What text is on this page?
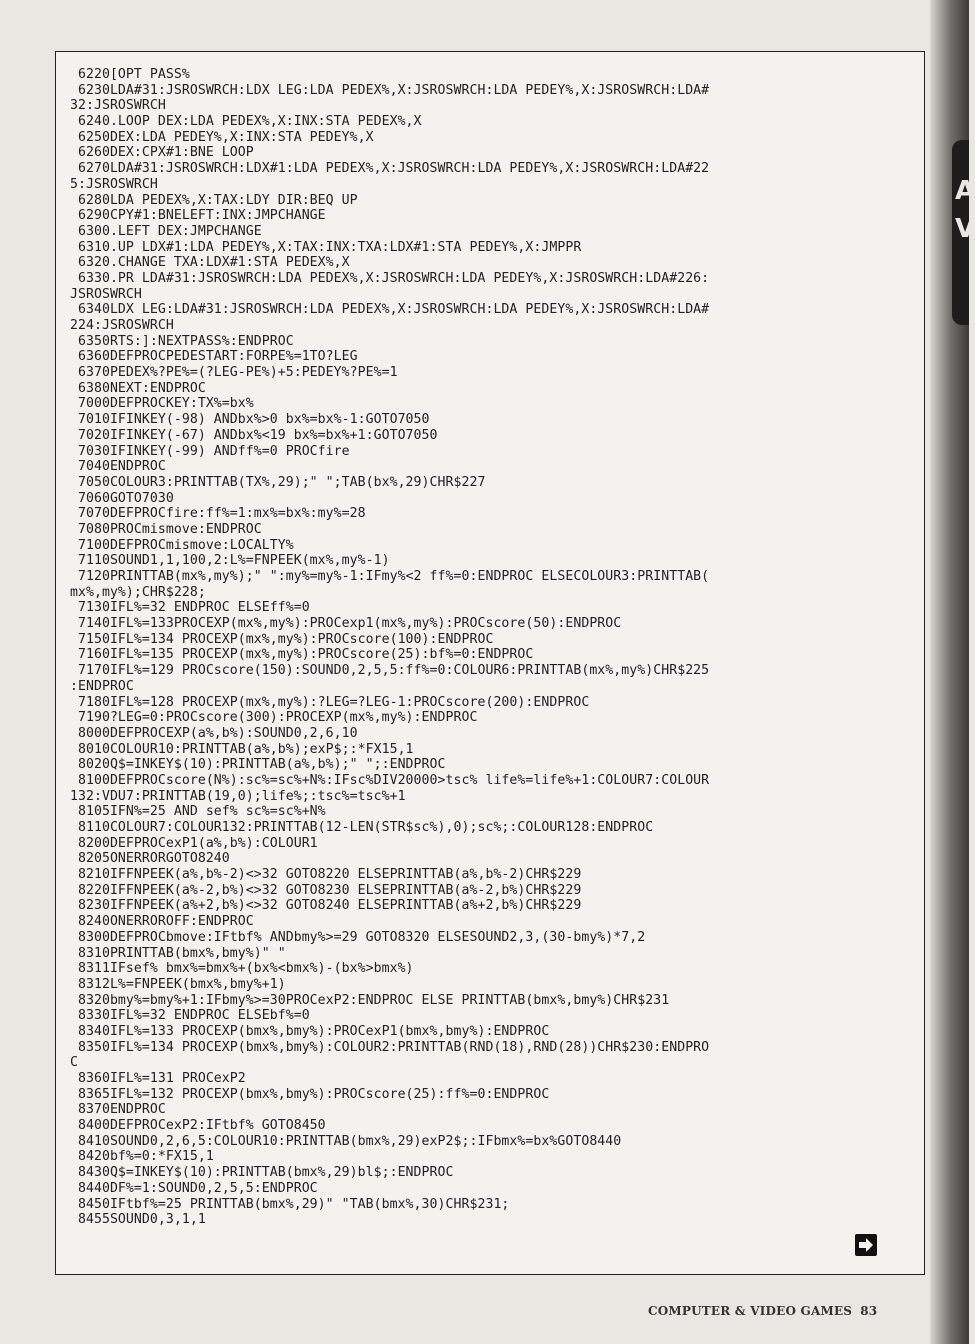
A
V
6220[OPT PASS%
6230LDA#31:JSROSWRCH:LDX LEG:LDA PEDEX%,X:JSROSWRCH:LDA PEDEY%,X:JSROSWRCH:LDA#
32:JSROSWRCH
6240.LOOP DEX:LDA PEDEX%,X:INX:STA PEDEX%,X
6250DEX:LDA PEDEY%,X:INX:STA PEDEY%,X
6260DEX:CPX#1:BNE LOOP
6270LDA#31:JSROSWRCH:LDX#1:LDA PEDEX%,X:JSROSWRCH:LDA PEDEY%,X:JSROSWRCH:LDA#22
5:JSROSWRCH
6280LDA PEDEX%,X:TAX:LDY DIR:BEQ UP
6290CPY#1:BNELEFT:INX:JMPCHANGE
6300.LEFT DEX:JMPCHANGE
6310.UP LDX#1:LDA PEDEY%,X:TAX:INX:TXA:LDX#1:STA PEDEY%,X:JMPPR
6320.CHANGE TXA:LDX#1:STA PEDEX%,X
6330.PR LDA#31:JSROSWRCH:LDA PEDEX%,X:JSROSWRCH:LDA PEDEY%,X:JSROSWRCH:LDA#226:
JSROSWRCH
6340LDX LEG:LDA#31:JSROSWRCH:LDA PEDEX%,X:JSROSWRCH:LDA PEDEY%,X:JSROSWRCH:LDA#
224:JSROSWRCH
6350RTS:]:NEXTPASS%:ENDPROC
6360DEFPROCPEDESTART:FORPE%=1TO?LEG
6370PEDEX%?PE%=(?LEG-PE%)+5:PEDEY%?PE%=1
6380NEXT:ENDPROC
7000DEFPROCKEY:TX%=bx%
7010IFINKEY(-98) ANDbx%>0 bx%=bx%-1:GOTO7050
7020IFINKEY(-67) ANDbx%<19 bx%=bx%+1:GOTO7050
7030IFINKEY(-99) ANDff%=0 PROCfire
7040ENDPROC
7050COLOUR3:PRINTTAB(TX%,29);" ";TAB(bx%,29)CHR$227
7060GOTO7030
7070DEFPROCfire:ff%=1:mx%=bx%:my%=28
7080PROCmismove:ENDPROC
7100DEFPROCmismove:LOCALTY%
7110SOUND1,1,100,2:L%=FNPEEK(mx%,my%-1)
7120PRINTTAB(mx%,my%);" ":my%=my%-1:IFmy%<2 ff%=0:ENDPROC ELSECOLOUR3:PRINTTAB(
mx%,my%);CHR$228;
7130IFL%=32 ENDPROC ELSEff%=0
7140IFL%=133PROCEXP(mx%,my%):PROCexp1(mx%,my%):PROCscore(50):ENDPROC
7150IFL%=134 PROCEXP(mx%,my%):PROCscore(100):ENDPROC
7160IFL%=135 PROCEXP(mx%,my%):PROCscore(25):bf%=0:ENDPROC
7170IFL%=129 PROCscore(150):SOUND0,2,5,5:ff%=0:COLOUR6:PRINTTAB(mx%,my%)CHR$225
:ENDPROC
7180IFL%=128 PROCEXP(mx%,my%):?LEG=?LEG-1:PROCscore(200):ENDPROC
7190?LEG=0:PROCscore(300):PROCEXP(mx%,my%):ENDPROC
8000DEFPROCEXP(a%,b%):SOUND0,2,6,10
8010COLOUR10:PRINTTAB(a%,b%);exP$;:*FX15,1
8020Q$=INKEY$(10):PRINTTAB(a%,b%);" ";:ENDPROC
8100DEFPROCscore(N%):sc%=sc%+N%:IFsc%DIV20000>tsc% life%=life%+1:COLOUR7:COLOUR
132:VDU7:PRINTTAB(19,0);life%;:tsc%=tsc%+1
8105IFN%=25 AND sef% sc%=sc%+N%
8110COLOUR7:COLOUR132:PRINTTAB(12-LEN(STR$sc%),0);sc%;:COLOUR128:ENDPROC
8200DEFPROCexP1(a%,b%):COLOUR1
8205ONERRORGOTO8240
8210IFFNPEEK(a%,b%-2)<>32 GOTO8220 ELSEPRINTTAB(a%,b%-2)CHR$229
8220IFFNPEEK(a%-2,b%)<>32 GOTO8230 ELSEPRINTTAB(a%-2,b%)CHR$229
8230IFFNPEEK(a%+2,b%)<>32 GOTO8240 ELSEPRINTTAB(a%+2,b%)CHR$229
8240ONERROROFF:ENDPROC
8300DEFPROCbmove:IFtbf% ANDbmy%>=29 GOTO8320 ELSESOUND2,3,(30-bmy%)*7,2
8310PRINTTAB(bmx%,bmy%)" "
8311IFsef% bmx%=bmx%+(bx%<bmx%)-(bx%>bmx%)
8312L%=FNPEEK(bmx%,bmy%+1)
8320bmy%=bmy%+1:IFbmy%>=30PROCexP2:ENDPROC ELSE PRINTTAB(bmx%,bmy%)CHR$231
8330IFL%=32 ENDPROC ELSEbf%=0
8340IFL%=133 PROCEXP(bmx%,bmy%):PROCexP1(bmx%,bmy%):ENDPROC
8350IFL%=134 PROCEXP(bmx%,bmy%):COLOUR2:PRINTTAB(RND(18),RND(28))CHR$230:ENDPRO
C
8360IFL%=131 PROCexP2
8365IFL%=132 PROCEXP(bmx%,bmy%):PROCscore(25):ff%=0:ENDPROC
8370ENDPROC
8400DEFPROCexP2:IFtbf% GOTO8450
8410SOUND0,2,6,5:COLOUR10:PRINTTAB(bmx%,29)exP2$;:IFbmx%=bx%GOTO8440
8420bf%=0:*FX15,1
8430Q$=INKEY$(10):PRINTTAB(bmx%,29)bl$;:ENDPROC
8440DF%=1:SOUND0,2,5,5:ENDPROC
8450IFtbf%=25 PRINTTAB(bmx%,29)" "TAB(bmx%,30)CHR$231;
8455SOUND0,3,1,1
COMPUTER & VIDEO GAMES 83
